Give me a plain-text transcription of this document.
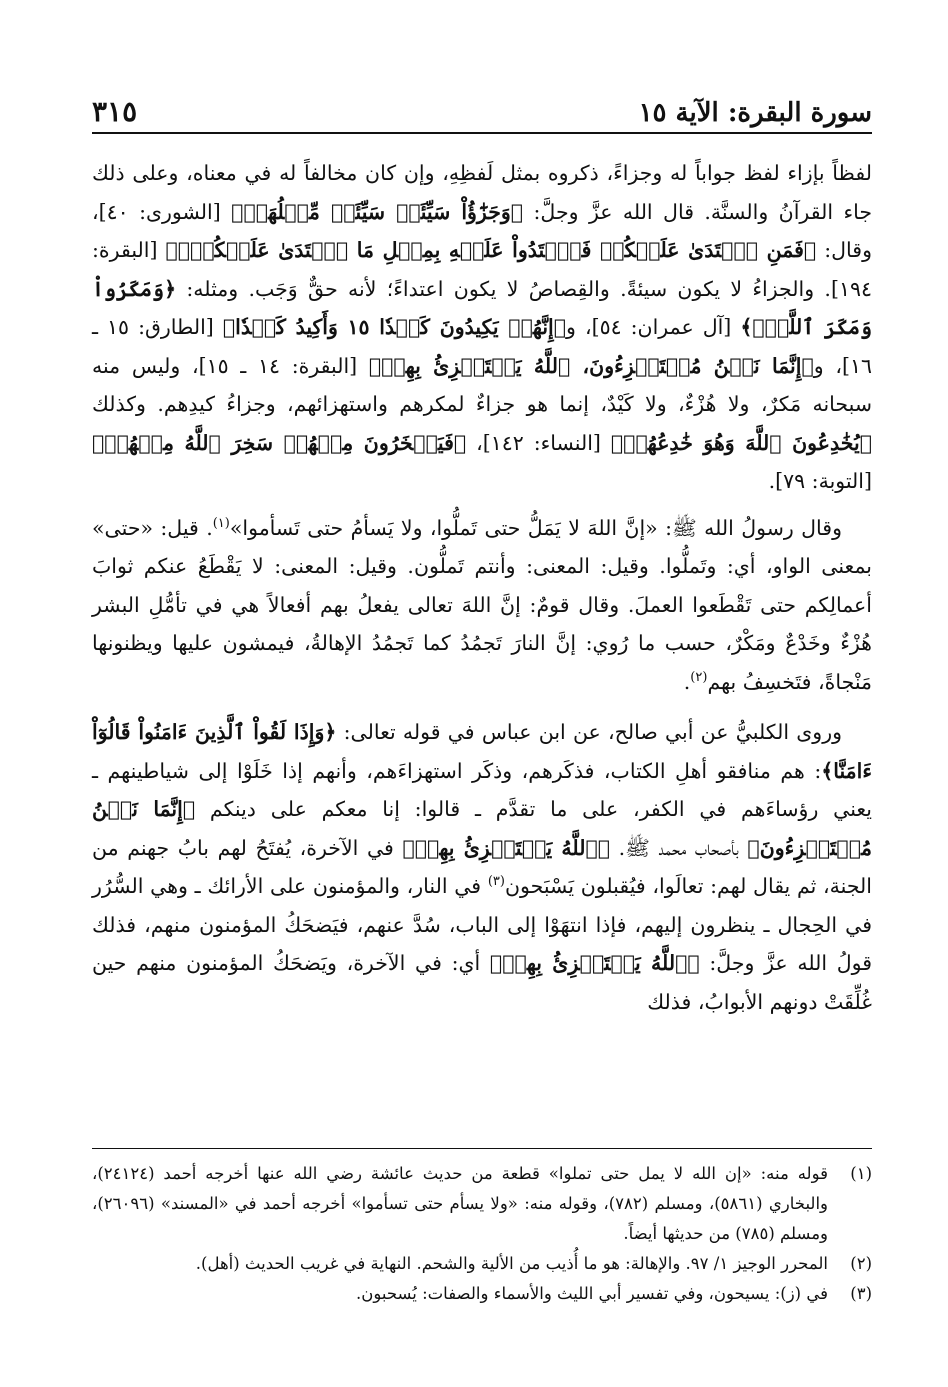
سورة البقرة: الآية ١٥
٣١٥

لفظاً بإزاء لفظ جواباً له وجزاءً، ذكروه بمثل لَفظِهِ، وإن كان مخالفاً له في معناه، وعلى ذلك جاء القرآنُ والسنَّة. قال الله عزَّ وجلَّ: ﴿وَجَزَٰٓؤُاْ سَيِّئَةٖ سَيِّئَةٞ مِّثۡلُهَاۖ﴾ [الشورى: ٤٠]، وقال: ﴿فَمَنِ ٱعۡتَدَىٰ عَلَيۡكُمۡ فَٱعۡتَدُواْ عَلَيۡهِ بِمِثۡلِ مَا ٱعۡتَدَىٰ عَلَيۡكُمۡۚ﴾ [البقرة: ١٩٤]. والجزاءُ لا يكون سيئةً. والقِصاصُ لا يكون اعتداءً؛ لأنه حقٌّ وَجَب. ومثله: ﴿وَمَكَرُواْ وَمَكَرَ ٱللَّهُۖ﴾ [آل عمران: ٥٤]، و﴿إِنَّهُمۡ يَكِيدُونَ كَيۡدٗا ١٥ وَأَكِيدُ كَيۡدٗا﴾ [الطارق: ١٥ ـ ١٦]، و﴿إِنَّمَا نَحۡنُ مُسۡتَهۡزِءُونَ، ٱللَّهُ يَسۡتَهۡزِئُ بِهِمۡ﴾ [البقرة: ١٤ ـ ١٥]، وليس منه سبحانه مَكرٌ، ولا هُزْءٌ، ولا كَيْدٌ، إنما هو جزاءٌ لمكرهم واستهزائهم، وجزاءُ كيدِهم. وكذلك ﴿يُخَٰدِعُونَ ٱللَّهَ وَهُوَ خَٰدِعُهُمۡ﴾ [النساء: ١٤٢]، ﴿فَيَسۡخَرُونَ مِنۡهُمۡ سَخِرَ ٱللَّهُ مِنۡهُمۡ﴾ [التوبة: ٧٩].

وقال رسولُ الله ﷺ: «إنَّ اللهَ لا يَمَلُّ حتى تَملُّوا، ولا يَسأمُ حتى تَسأموا»$^{(١)}$. قيل: «حتى» بمعنى الواو، أي: وتَملُّوا. وقيل: المعنى: وأنتم تَملُّون. وقيل: المعنى: لا يَقْطَعُ عنكم ثوابَ أعمالِكم حتى تَقْطَعوا العملَ. وقال قومٌ: إنَّ اللهَ تعالى يفعلُ بهم أفعالاً هي في تأمُّلِ البشر هُزْءٌ وخَدْعٌ ومَكْرٌ، حسب ما رُوي: إنَّ النارَ تَجمُدُ كما تَجمُدُ الإهالةُ، فيمشون عليها ويظنونها مَنْجاةً، فتَخسِفُ بهم$^{(٢)}$.

وروى الكلبيُّ عن أبي صالح، عن ابن عباس في قوله تعالى: ﴿وَإِذَا لَقُواْ ٱلَّذِينَ ءَامَنُواْ قَالُوٓاْ ءَامَنَّا﴾: هم منافقو أهلِ الكتاب، فذكَرهم، وذكَر استهزاءَهم، وأنهم إذا خَلَوْا إلى شياطينهم ـ يعني رؤساءَهم في الكفر، على ما تقدَّم ـ قالوا: إنا معكم على دينكم ﴿إِنَّمَا نَحۡنُ مُسۡتَهۡزِءُونَ﴾ بأصحاب محمد ﷺ. ﴿ٱللَّهُ يَسۡتَهۡزِئُ بِهِمۡ﴾ في الآخرة، يُفتَحُ لهم بابُ جهنم من الجنة، ثم يقال لهم: تعالَوا، فيُقبلون يَسْبَحون$^{(٣)}$ في النار، والمؤمنون على الأرائك ـ وهي السُّرُر في الحِجال ـ ينظرون إليهم، فإذا انتهَوْا إلى الباب، سُدَّ عنهم، فيَضحَكُ المؤمنون منهم، فذلك قولُ الله عزَّ وجلَّ: ﴿ٱللَّهُ يَسۡتَهۡزِئُ بِهِمۡ﴾ أي: في الآخرة، ويَضحَكُ المؤمنون منهم حين غُلِّقَتْ دونهم الأبوابُ، فذلك

(١)
قوله منه: «إن الله لا يمل حتى تملوا» قطعة من حديث عائشة رضي الله عنها أخرجه أحمد (٢٤١٢٤)، والبخاري (٥٨٦١)، ومسلم (٧٨٢)، وقوله منه: «ولا يسأم حتى تسأموا» أخرجه أحمد في «المسند» (٢٦٠٩٦)، ومسلم (٧٨٥) من حديثها أيضاً.
(٢)
المحرر الوجيز ١/ ٩٧. والإهالة: هو ما أُذيب من الألية والشحم. النهاية في غريب الحديث (أهل).
(٣)
في (ز): يسيحون، وفي تفسير أبي الليث والأسماء والصفات: يُسحبون.
